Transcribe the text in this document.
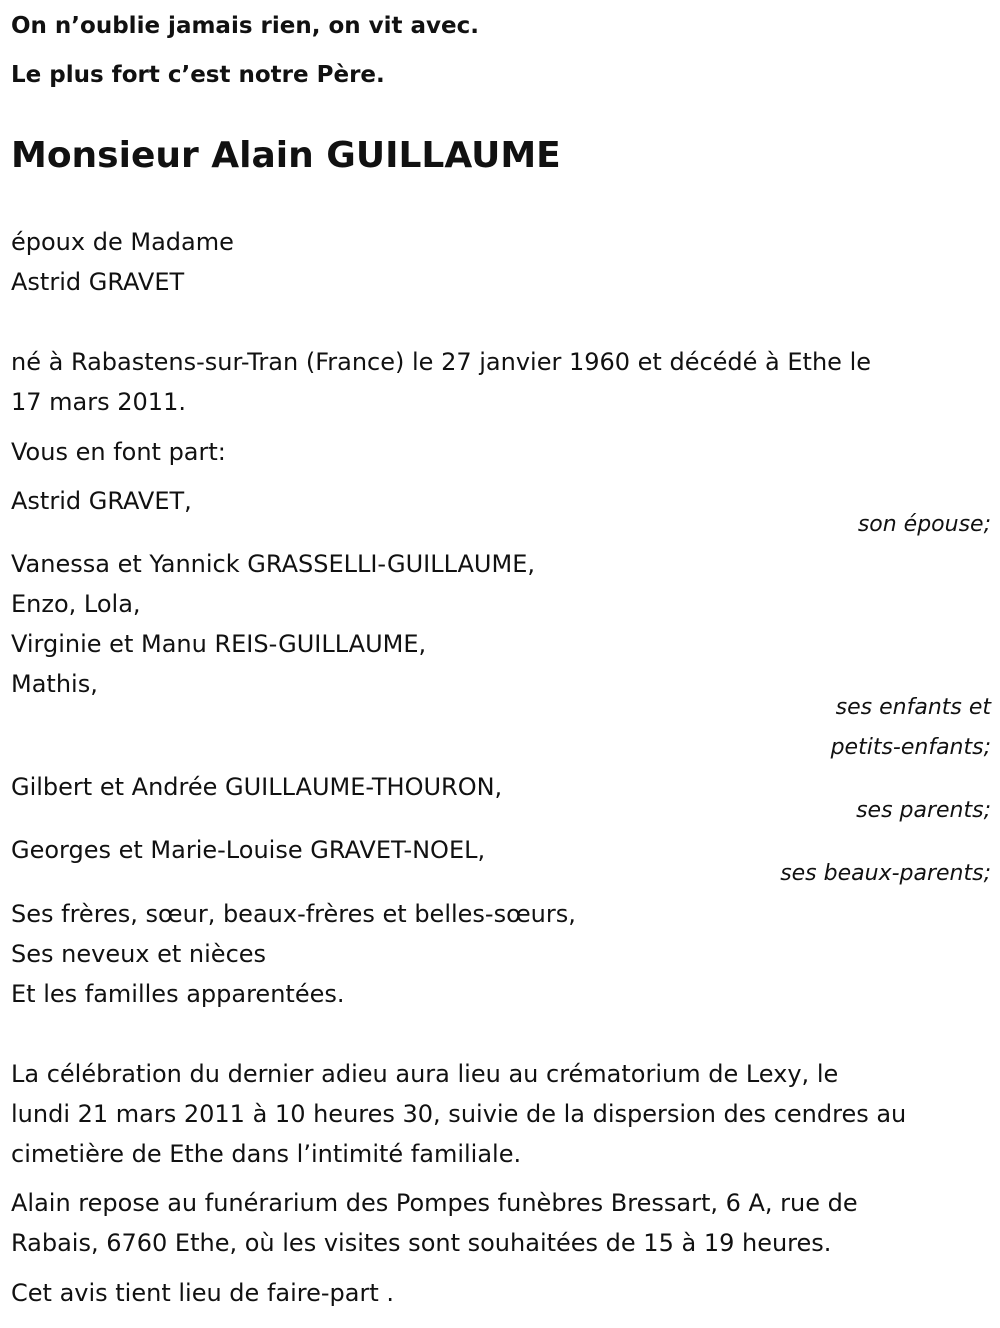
On n’oublie jamais rien, on vit avec.

Le plus fort c’est notre Père.

Monsieur Alain GUILLAUME

époux de Madame

Astrid GRAVET

né à Rabastens-sur-Tran (France) le 27 janvier 1960 et décédé à Ethe le

17 mars 2011.

Vous en font part:

Astrid GRAVET,

son épouse;

Vanessa et Yannick GRASSELLI-GUILLAUME,

Enzo, Lola,

Virginie et Manu REIS-GUILLAUME,

Mathis,

ses enfants et

petits-enfants;

Gilbert et Andrée GUILLAUME-THOURON,

ses parents;

Georges et Marie-Louise GRAVET-NOEL,

ses beaux-parents;

Ses frères, sœur, beaux-frères et belles-sœurs,

Ses neveux et nièces

Et les familles apparentées.

La célébration du dernier adieu aura lieu au crématorium de Lexy, le

lundi 21 mars 2011 à 10 heures 30, suivie de la dispersion des cendres au

cimetière de Ethe dans l’intimité familiale.

Alain repose au funérarium des Pompes funèbres Bressart, 6 A, rue de

Rabais, 6760 Ethe, où les visites sont souhaitées de 15 à 19 heures.

Cet avis tient lieu de faire-part .
